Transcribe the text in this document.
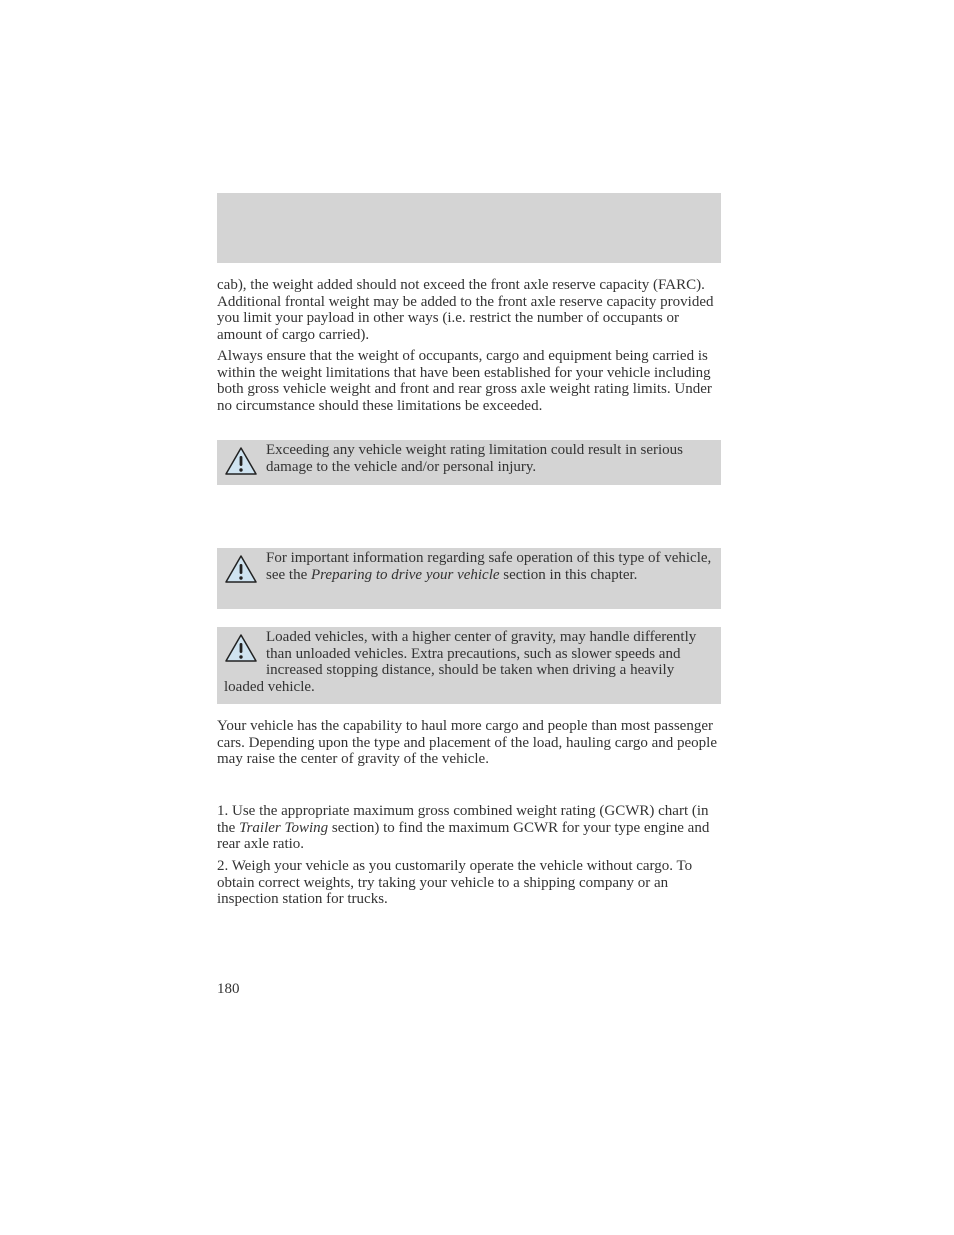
cab), the weight added should not exceed the front axle reserve capacity (FARC). Additional frontal weight may be added to the front axle reserve capacity provided you limit your payload in other ways (i.e. restrict the number of occupants or amount of cargo carried).

Always ensure that the weight of occupants, cargo and equipment being carried is within the weight limitations that have been established for your vehicle including both gross vehicle weight and front and rear gross axle weight rating limits. Under no circumstance should these limitations be exceeded.

Exceeding any vehicle weight rating limitation could result in serious damage to the vehicle and/or personal injury.
For important information regarding safe operation of this type of vehicle, see the Preparing to drive your vehicle section in this chapter.
Loaded vehicles, with a higher center of gravity, may handle differently than unloaded vehicles. Extra precautions, such as slower speeds and increased stopping distance, should be taken when driving a heavily loaded vehicle.

Your vehicle has the capability to haul more cargo and people than most passenger cars. Depending upon the type and placement of the load, hauling cargo and people may raise the center of gravity of the vehicle.

1. Use the appropriate maximum gross combined weight rating (GCWR) chart (in the Trailer Towing section) to find the maximum GCWR for your type engine and rear axle ratio.

2. Weigh your vehicle as you customarily operate the vehicle without cargo. To obtain correct weights, try taking your vehicle to a shipping company or an inspection station for trucks.

180
